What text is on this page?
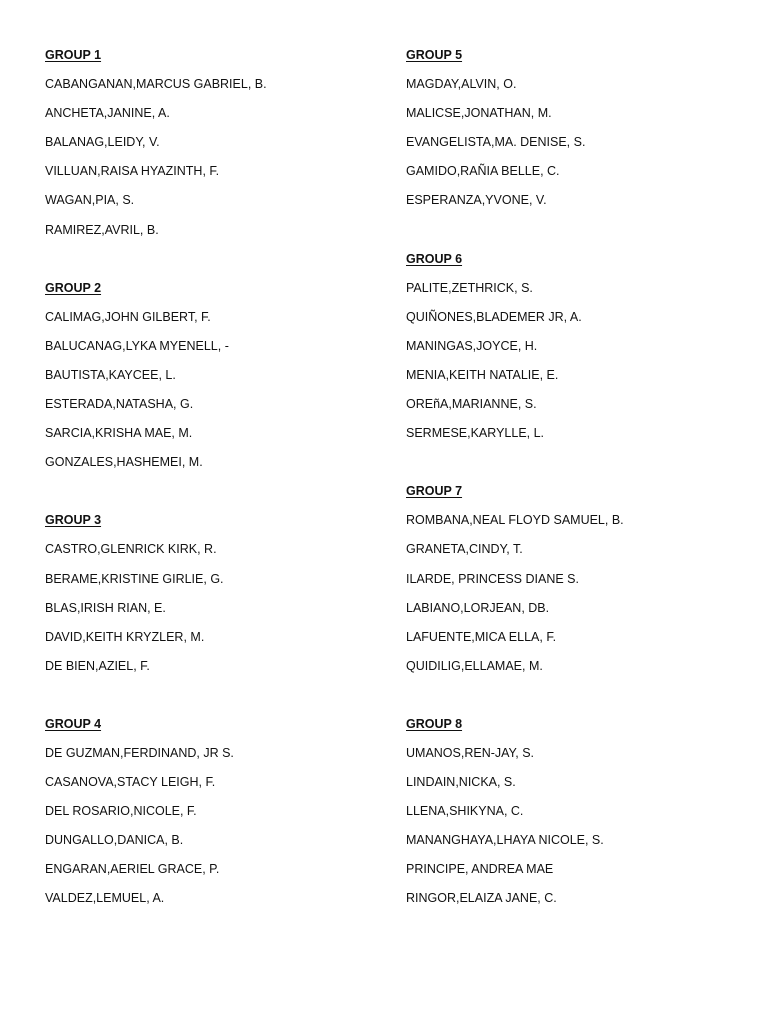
GROUP 1
CABANGANAN,MARCUS GABRIEL, B.
ANCHETA,JANINE, A.
BALANAG,LEIDY, V.
VILLUAN,RAISA HYAZINTH, F.
WAGAN,PIA, S.
RAMIREZ,AVRIL, B.
GROUP 2
CALIMAG,JOHN GILBERT, F.
BALUCANAG,LYKA MYENELL, -
BAUTISTA,KAYCEE, L.
ESTERADA,NATASHA, G.
SARCIA,KRISHA MAE, M.
GONZALES,HASHEMEI, M.
GROUP 3
CASTRO,GLENRICK KIRK, R.
BERAME,KRISTINE GIRLIE, G.
BLAS,IRISH RIAN, E.
DAVID,KEITH KRYZLER, M.
DE BIEN,AZIEL, F.
GROUP 4
DE GUZMAN,FERDINAND, JR S.
CASANOVA,STACY LEIGH, F.
DEL ROSARIO,NICOLE, F.
DUNGALLO,DANICA, B.
ENGARAN,AERIEL GRACE, P.
VALDEZ,LEMUEL, A.
GROUP 5
MAGDAY,ALVIN, O.
MALICSE,JONATHAN, M.
EVANGELISTA,MA. DENISE, S.
GAMIDO,RAÑIA BELLE, C.
ESPERANZA,YVONE, V.
GROUP 6
PALITE,ZETHRICK, S.
QUIÑONES,BLADEMER JR, A.
MANINGAS,JOYCE, H.
MENIA,KEITH NATALIE, E.
OREñA,MARIANNE, S.
SERMESE,KARYLLE, L.
GROUP 7
ROMBANA,NEAL FLOYD SAMUEL, B.
GRANETA,CINDY, T.
ILARDE, PRINCESS DIANE S.
LABIANO,LORJEAN, DB.
LAFUENTE,MICA ELLA, F.
QUIDILIG,ELLAMAE, M.
GROUP 8
UMANOS,REN-JAY, S.
LINDAIN,NICKA, S.
LLENA,SHIKYNA, C.
MANANGHAYA,LHAYA NICOLE, S.
PRINCIPE, ANDREA MAE
RINGOR,ELAIZA JANE, C.
